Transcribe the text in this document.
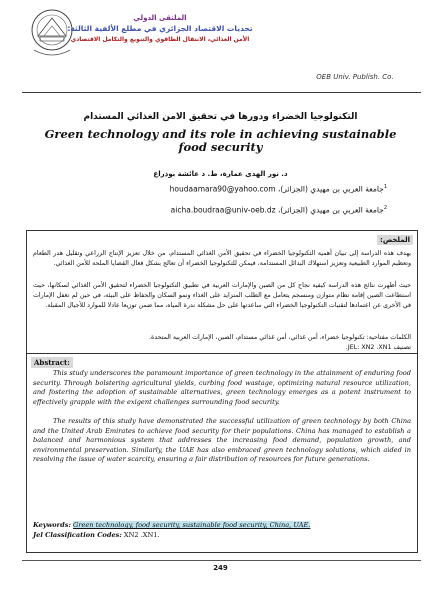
OEB Univ. Publish. Co.
الملتقى الدولي
تحديات الاقتصاد الجزائري في مطلع الألفية الثالثة:
الأمن الغذائي، الانتقال الطاقوي والتنويع والتكامل الاقتصادي
التكنولوجيا الخضراء ودورها في تحقيق الامن الغذائي المستدام
Green technology and its role in achieving sustainable food security
د. نور الهدى عمارة، ط. د عائشة بوذراع
$^1$جامعة العربي بن مهيدي (الجزائر)، houdaamara90@yahoo.com
$^2$جامعة العربي بن مهيدي (الجزائر)، aicha.boudraa@univ-oeb.dz
الملخص:
يهدف هذه الدراسة إلى تبيان أهمية التكنولوجيا الخضراء في تحقيق الأمن الغذائي المستدام، من خلال تعزيز الإنتاج الزراعي وتقليل هدر الطعام وتعظيم الموارد الطبيعية وتعزيز استهلاك البدائل المستدامة، فيمكن للتكنولوجيا الخضراء أن تعالج بشكل فعال القضايا الملحة للأمن الغذائي.
حيث أظهرت نتائج هذه الدراسة كيفية نجاح كل من الصين والإمارات العربية في تطبيق التكنولوجيا الخضراء لتحقيق الأمن الغذائي لسكانها، حيث استطاعت الصين إقامة نظام متوازن ومنسجم يتعامل مع الطلب المتزايد على الغذاء ونمو السكان والحفاظ على البيئة، في حين لم تغفل الإمارات في الأخرى عن اعتمادها لتقنيات التكنولوجيا الخضراء التي ساعدتها على حل مشكلة ندرة المياه، مما ضمن توزيعا عادلا للموارد للأجيال المقبلة.
الكلمات مفتاحية: تكنولوجيا خضراء، أمن غذائي، أمن غذائي مستدام، الصين، الإمارات العربية المتحدة.
تصنيف JEL: XN2 .XN1.
Abstract:
This study underscores the paramount importance of green technology in the attainment of enduring food security. Through bolstering agricultural yields, curbing food wastage, optimizing natural resource utilization, and fostering the adoption of sustainable alternatives, green technology emerges as a potent instrument to effectively grapple with the exigent challenges surrounding food security.
The results of this study have demonstrated the successful utilization of green technology by both China and the United Arab Emirates to achieve food security for their populations. China has managed to establish a balanced and harmonious system that addresses the increasing food demand, population growth, and environmental preservation. Similarly, the UAE has also embraced green technology solutions, which aided in resolving the issue of water scarcity, ensuring a fair distribution of resources for future generations.
Keywords: Green technology, food security, sustainable food security, China, UAE.
Jel Classification Codes: XN2 .XN1.
249
